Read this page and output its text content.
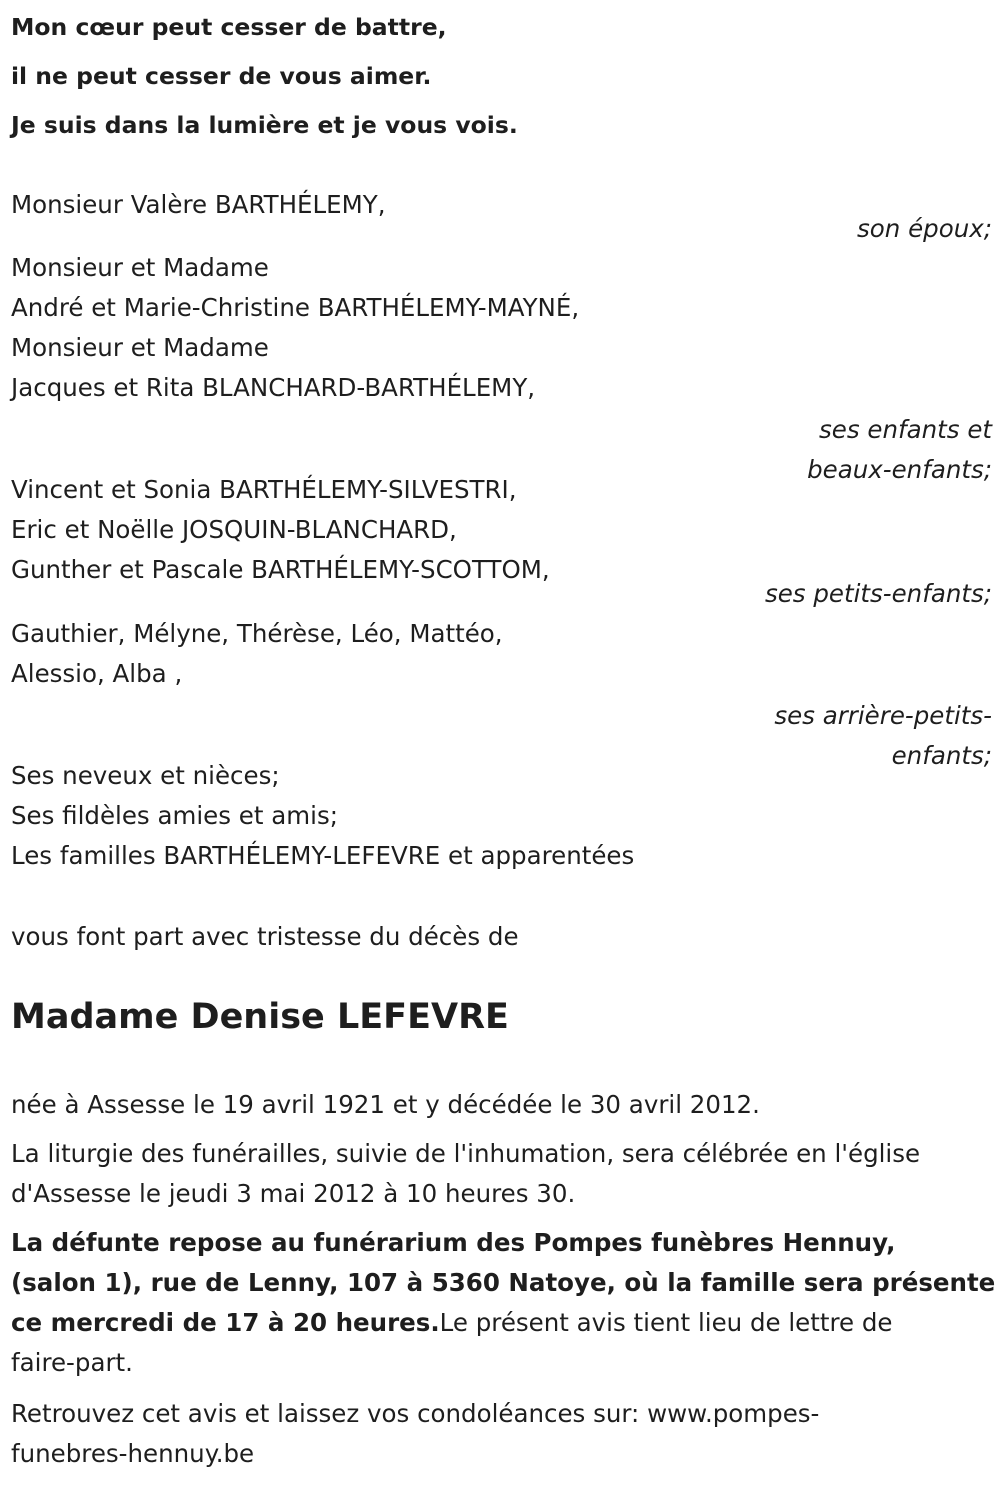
Mon cœur peut cesser de battre,

il ne peut cesser de vous aimer.

Je suis dans la lumière et je vous vois.

Monsieur Valère BARTHÉLEMY,

son époux;

Monsieur et Madame

André et Marie-Christine BARTHÉLEMY-MAYNÉ,

Monsieur et Madame

Jacques et Rita BLANCHARD-BARTHÉLEMY,

ses enfants et

beaux-enfants;

Vincent et Sonia BARTHÉLEMY-SILVESTRI,

Eric et Noëlle JOSQUIN-BLANCHARD,

Gunther et Pascale BARTHÉLEMY-SCOTTOM,

ses petits-enfants;

Gauthier, Mélyne, Thérèse, Léo, Mattéo,

Alessio, Alba ,

ses arrière-petits-

enfants;

Ses neveux et nièces;

Ses fildèles amies et amis;

Les familles BARTHÉLEMY-LEFEVRE et apparentées

vous font part avec tristesse du décès de

Madame Denise LEFEVRE

née à Assesse le 19 avril 1921 et y décédée le 30 avril 2012.

La liturgie des funérailles, suivie de l'inhumation, sera célébrée en l'église

d'Assesse le jeudi 3 mai 2012 à 10 heures 30.

La défunte repose au funérarium des Pompes funèbres Hennuy,

(salon 1), rue de Lenny, 107 à 5360 Natoye, où la famille sera présente

ce mercredi de 17 à 20 heures.Le présent avis tient lieu de lettre de

faire-part.

Retrouvez cet avis et laissez vos condoléances sur: www.pompes-

funebres-hennuy.be
